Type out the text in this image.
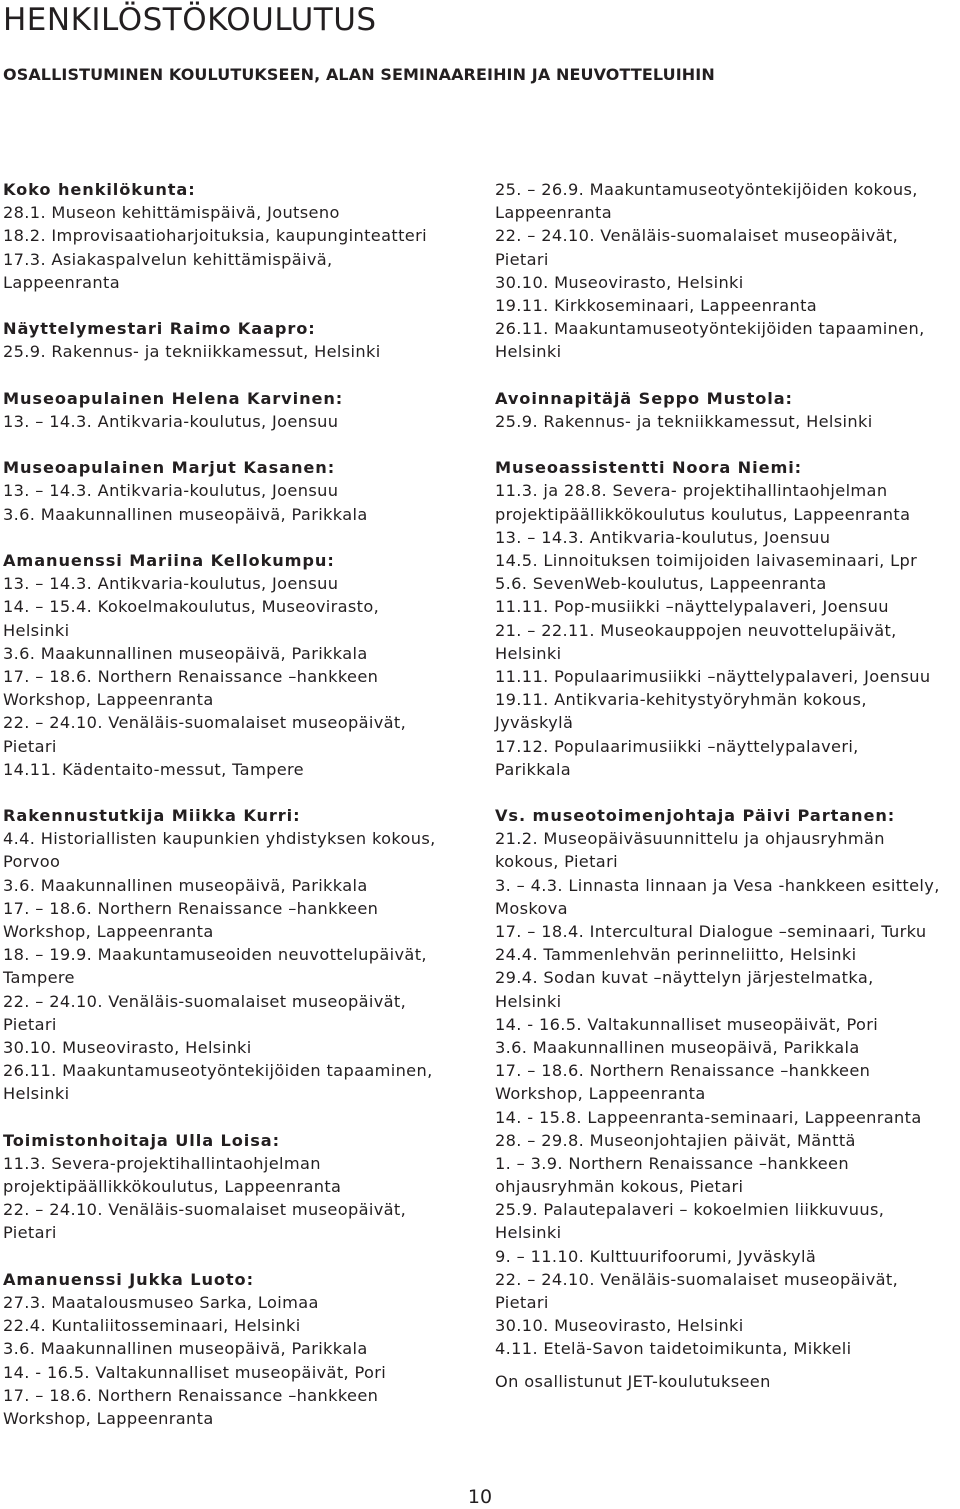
HENKILÖSTÖKOULUTUS
OSALLISTUMINEN KOULUTUKSEEN, ALAN SEMINAAREIHIN JA NEUVOTTELUIHIN
Koko henkilökunta:
28.1. Museon kehittämispäivä, Joutseno
18.2. Improvisaatioharjoituksia, kaupunginteatteri
17.3. Asiakaspalvelun kehittämispäivä,
Lappeenranta
Näyttelymestari Raimo Kaapro:
25.9. Rakennus- ja tekniikkamessut, Helsinki
Museoapulainen Helena Karvinen:
13. – 14.3. Antikvaria-koulutus, Joensuu
Museoapulainen Marjut Kasanen:
13. – 14.3. Antikvaria-koulutus, Joensuu
3.6. Maakunnallinen museopäivä, Parikkala
Amanuenssi Mariina Kellokumpu:
13. – 14.3. Antikvaria-koulutus, Joensuu
14. – 15.4. Kokoelmakoulutus, Museovirasto,
Helsinki
3.6. Maakunnallinen museopäivä, Parikkala
17. – 18.6. Northern Renaissance –hankkeen
Workshop, Lappeenranta
22. – 24.10. Venäläis-suomalaiset museopäivät,
Pietari
14.11. Kädentaito-messut, Tampere
Rakennustutkija Miikka Kurri:
4.4. Historiallisten kaupunkien yhdistyksen kokous,
Porvoo
3.6. Maakunnallinen museopäivä, Parikkala
17. – 18.6. Northern Renaissance –hankkeen
Workshop, Lappeenranta
18. – 19.9. Maakuntamuseoiden neuvottelupäivät,
Tampere
22. – 24.10. Venäläis-suomalaiset museopäivät,
Pietari
30.10. Museovirasto, Helsinki
26.11. Maakuntamuseotyöntekijöiden tapaaminen,
Helsinki
Toimistonhoitaja Ulla Loisa:
11.3. Severa-projektihallintaohjelman
projektipäällikkökoulutus, Lappeenranta
22. – 24.10. Venäläis-suomalaiset museopäivät,
Pietari
Amanuenssi Jukka Luoto:
27.3. Maatalousmuseo Sarka, Loimaa
22.4. Kuntaliitosseminaari, Helsinki
3.6. Maakunnallinen museopäivä, Parikkala
14. - 16.5. Valtakunnalliset museopäivät, Pori
17. – 18.6. Northern Renaissance –hankkeen
Workshop, Lappeenranta
25. – 26.9. Maakuntamuseotyöntekijöiden kokous,
Lappeenranta
22. – 24.10. Venäläis-suomalaiset museopäivät,
Pietari
30.10. Museovirasto, Helsinki
19.11. Kirkkoseminaari, Lappeenranta
26.11. Maakuntamuseotyöntekijöiden tapaaminen,
Helsinki
Avoinnapitäjä Seppo Mustola:
25.9. Rakennus- ja tekniikkamessut, Helsinki
Museoassistentti Noora Niemi:
11.3. ja 28.8. Severa- projektihallintaohjelman
projektipäällikkökoulutus koulutus, Lappeenranta
13. – 14.3. Antikvaria-koulutus, Joensuu
14.5. Linnoituksen toimijoiden laivaseminaari, Lpr
5.6. SevenWeb-koulutus, Lappeenranta
11.11. Pop-musiikki –näyttelypalaveri, Joensuu
21. – 22.11. Museokauppojen neuvottelupäivät,
Helsinki
11.11. Populaarimusiikki –näyttelypalaveri, Joensuu
19.11. Antikvaria-kehitystyöryhmän kokous,
Jyväskylä
17.12. Populaarimusiikki –näyttelypalaveri,
Parikkala
Vs. museotoimenjohtaja Päivi Partanen:
21.2. Museopäiväsuunnittelu ja ohjausryhmän
kokous, Pietari
3. – 4.3. Linnasta linnaan ja Vesa -hankkeen esittely,
Moskova
17. – 18.4. Intercultural Dialogue –seminaari, Turku
24.4. Tammenlehvän perinneliitto, Helsinki
29.4. Sodan kuvat –näyttelyn järjestelmatka,
Helsinki
14. - 16.5. Valtakunnalliset museopäivät, Pori
3.6. Maakunnallinen museopäivä, Parikkala
17. – 18.6. Northern Renaissance –hankkeen
Workshop, Lappeenranta
14. - 15.8. Lappeenranta-seminaari, Lappeenranta
28. – 29.8. Museonjohtajien päivät, Mänttä
1. – 3.9. Northern Renaissance –hankkeen
ohjausryhmän kokous, Pietari
25.9. Palautepalaveri – kokoelmien liikkuvuus,
Helsinki
9. – 11.10. Kulttuurifoorumi, Jyväskylä
22. – 24.10. Venäläis-suomalaiset museopäivät,
Pietari
30.10. Museovirasto, Helsinki
4.11. Etelä-Savon taidetoimikunta, Mikkeli
On osallistunut JET-koulutukseen
10
